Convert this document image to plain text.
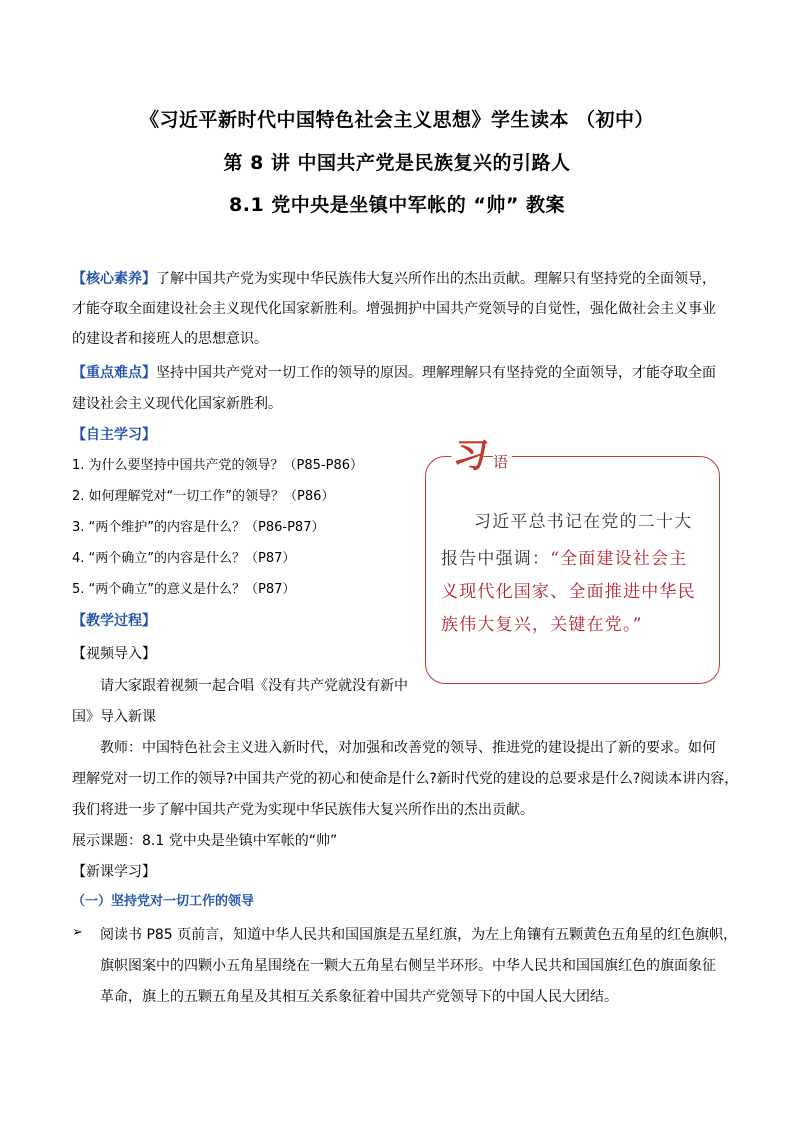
《习近平新时代中国特色社会主义思想》学生读本 （初中）
第 8 讲 中国共产党是民族复兴的引路人
8.1 党中央是坐镇中军帐的 “帅” 教案
【核心素养】了解中国共产党为实现中华民族伟大复兴所作出的杰出贡献。理解只有坚持党的全面领导，
才能夺取全面建设社会主义现代化国家新胜利。增强拥护中国共产党领导的自觉性，强化做社会主义事业
的建设者和接班人的思想意识。
【重点难点】坚持中国共产党对一切工作的领导的原因。理解理解只有坚持党的全面领导，才能夺取全面
建设社会主义现代化国家新胜利。
【自主学习】
1. 为什么要坚持中国共产党的领导？（P85-P86）
2. 如何理解党对“一切工作”的领导？（P86）
3. “两个维护”的内容是什么？（P86-P87）
4. “两个确立”的内容是什么？（P87）
5. “两个确立”的意义是什么？（P87）
【教学过程】
【视频导入】
请大家跟着视频一起合唱《没有共产党就没有新中
国》导入新课
教师：中国特色社会主义进入新时代，对加强和改善党的领导、推进党的建设提出了新的要求。如何
理解党对一切工作的领导?中国共产党的初心和使命是什么?新时代党的建设的总要求是什么?阅读本讲内容，
我们将进一步了解中国共产党为实现中华民族伟大复兴所作出的杰出贡献。
展示课题：8.1 党中央是坐镇中军帐的“帅”
【新课学习】
（一）坚持党对一切工作的领导
➢ 阅读书 P85 页前言，知道中华人民共和国国旗是五星红旗，为左上角镶有五颗黄色五角星的红色旗帜，
旗帜图案中的四颗小五角星围绕在一颗大五角星右侧呈半环形。中华人民共和国国旗红色的旗面象征
革命，旗上的五颗五角星及其相互关系象征着中国共产党领导下的中国人民大团结。
习近平总书记在党的二十大
报告中强调：“全面建设社会主
义现代化国家、全面推进中华民
族伟大复兴，关键在党。”
习 语
